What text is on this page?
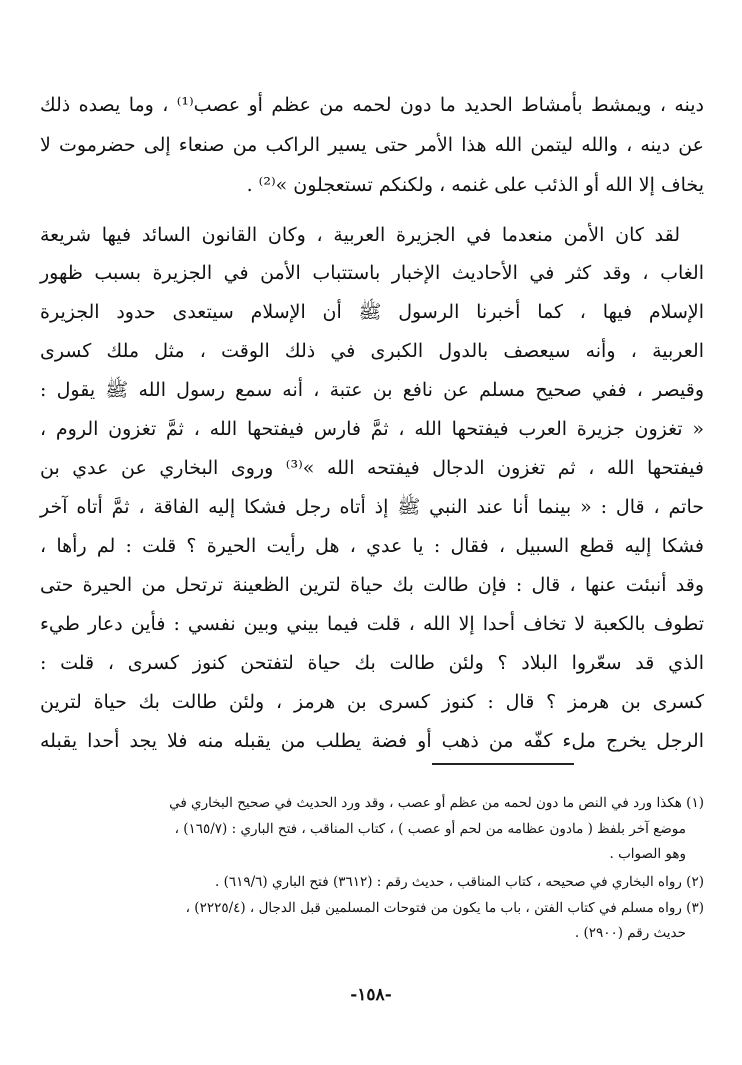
دينه ، ويمشط بأمشاط الحديد ما دون لحمه من عظم أو عصب⁽¹⁾ ، وما يصده ذلك
عن دينه ، والله ليتمن الله هذا الأمر حتى يسير الراكب من صنعاء إلى حضرموت لا
يخاف إلا الله أو الذئب على غنمه ، ولكنكم تستعجلون »⁽²⁾ .
لقد كان الأمن منعدما في الجزيرة العربية ، وكان القانون السائد فيها شريعة
الغاب ، وقد كثر في الأحاديث الإخبار باستتباب الأمن في الجزيرة بسبب ظهور
الإسلام فيها ، كما أخبرنا الرسول ﷺ أن الإسلام سيتعدى حدود الجزيرة
العربية ، وأنه سيعصف بالدول الكبرى في ذلك الوقت ، مثل ملك كسرى
وقيصر ، ففي صحيح مسلم عن نافع بن عتبة ، أنه سمع رسول الله ﷺ يقول :
« تغزون جزيرة العرب فيفتحها الله ، ثمَّ فارس فيفتحها الله ، ثمَّ تغزون الروم ،
فيفتحها الله ، ثم تغزون الدجال فيفتحه الله »⁽³⁾ وروى البخاري عن عدي بن
حاتم ، قال : « بينما أنا عند النبي ﷺ إذ أتاه رجل فشكا إليه الفاقة ، ثمَّ أتاه آخر
فشكا إليه قطع السبيل ، فقال : يا عدي ، هل رأيت الحيرة ؟ قلت : لم رأها ،
وقد أنبئت عنها ، قال : فإن طالت بك حياة لترين الظعينة ترتحل من الحيرة حتى
تطوف بالكعبة لا تخاف أحدا إلا الله ، قلت فيما بيني وبين نفسي : فأين دعار طيء
الذي قد سعّروا البلاد ؟ ولئن طالت بك حياة لتفتحن كنوز كسرى ، قلت :
كسرى بن هرمز ؟ قال : كنوز كسرى بن هرمز ، ولئن طالت بك حياة لترين
الرجل يخرج ملء كفّه من ذهب أو فضة يطلب من يقبله منه فلا يجد أحدا يقبله
(١) هكذا ورد في النص ما دون لحمه من عظم أو عصب ، وقد ورد الحديث في صحيح البخاري في
موضع آخر بلفظ ( مادون عظامه من لحم أو عصب ) ، كتاب المناقب ، فتح الباري : (١٦٥/٧) ،
وهو الصواب .
(٢) رواه البخاري في صحيحه ، كتاب المناقب ، حديث رقم : (٣٦١٢) فتح الباري (٦١٩/٦) .
(٣) رواه مسلم في كتاب الفتن ، باب ما يكون من فتوحات المسلمين قبل الدجال ، (٢٢٢٥/٤) ،
حديث رقم (٢٩٠٠) .
-١٥٨-
